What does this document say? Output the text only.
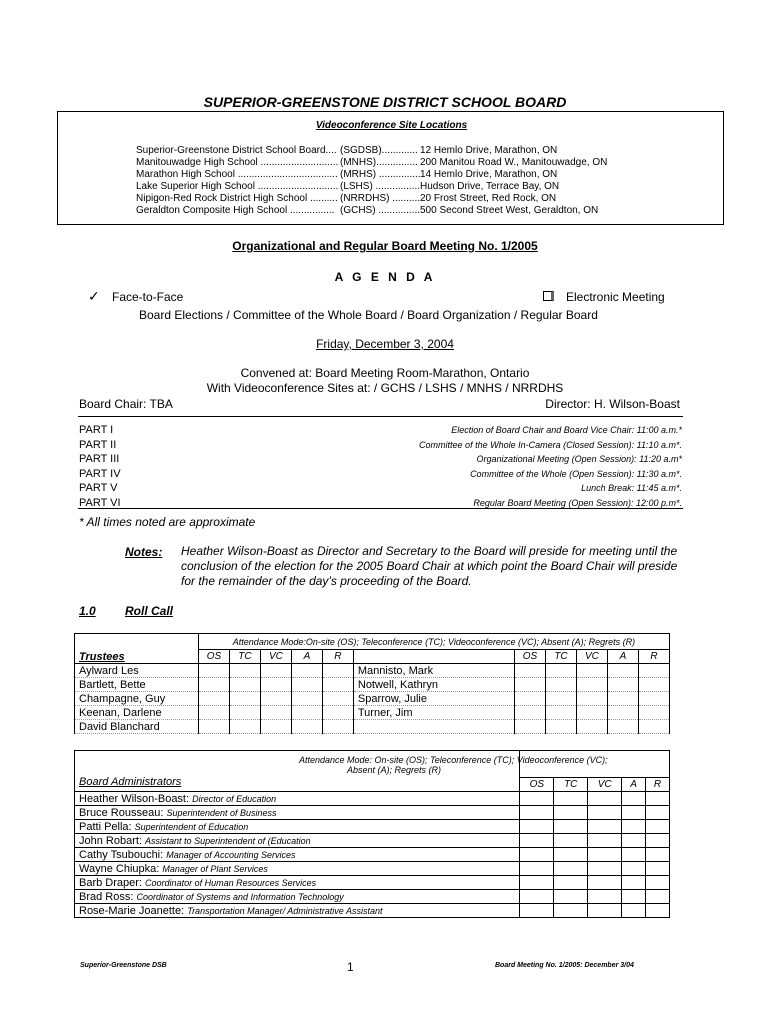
SUPERIOR-GREENSTONE DISTRICT SCHOOL BOARD
Videoconference Site Locations
Superior-Greenstone District School Board.... (SGDSB)............. 12 Hemlo Drive, Marathon, ON
Manitouwadge High School ............................ (MNHS)............... 200 Manitou Road W., Manitouwadge, ON
Marathon High School .................................... (MRHS) ............... 14 Hemlo Drive, Marathon, ON
Lake Superior High School ............................. (LSHS) ................ Hudson Drive, Terrace Bay, ON
Nipigon-Red Rock District High School .......... (NRRDHS) .......... 20 Frost Street, Red Rock, ON
Geraldton Composite High School ................ (GCHS) ............... 500 Second Street West, Geraldton, ON
Organizational and Regular Board Meeting No. 1/2005
A G E N D A
✓ Face-to-Face	Electronic Meeting
Board Elections / Committee of the Whole Board / Board Organization / Regular Board
Friday, December 3, 2004
Convened at: Board Meeting Room-Marathon, Ontario
With Videoconference Sites at: / GCHS / LSHS / MNHS / NRRDHS
Board Chair: TBA	Director: H. Wilson-Boast
PART I	Election of Board Chair and Board Vice Chair: 11:00 a.m.*
PART II	Committee of the Whole In-Camera (Closed Session): 11:10 a.m*.
PART III	Organizational Meeting (Open Session): 11:20 a.m*
PART IV	Committee of the Whole (Open Session): 11:30 a.m*.
PART V	Lunch Break: 11:45 a.m*.
PART VI	Regular Board Meeting (Open Session): 12:00 p.m*.
* All times noted are approximate
Notes: Heather Wilson-Boast as Director and Secretary to the Board will preside for meeting until the conclusion of the election for the 2005 Board Chair at which point the Board Chair will preside for the remainder of the day’s proceeding of the Board.
1.0 Roll Call
Trustees	Attendance Mode:On-site (OS); Teleconference (TC); Videoconference (VC); Absent (A); Regrets (R)										
	OS	TC	VC	A	R		OS	TC	VC	A	R
Aylward Les						Mannisto, Mark					
Bartlett, Bette						Notwell, Kathryn					
Champagne, Guy						Sparrow, Julie					
Keenan, Darlene						Turner, Jim					
David Blanchard											
Board Administrators
Attendance Mode: On-site (OS); Teleconference (TC); Videoconference (VC);
Absent (A); Regrets (R)					

	OS	TC	VC	A	R
Heather Wilson-Boast: Director of Education					
Bruce Rousseau: Superintendent of Business					
Patti Pella: Superintendent of Education					
John Robart: Assistant to Superintendent of (Education					
Cathy Tsubouchi: Manager of Accounting Services					
Wayne Chiupka: Manager of Plant Services					
Barb Draper: Coordinator of Human Resources Services					
Brad Ross: Coordinator of Systems and Information Technology					
Rose-Marie Joanette: Transportation Manager/ Administrative Assistant					
Superior-Greenstone DSB	1	Board Meeting No. 1/2005: December 3/04
